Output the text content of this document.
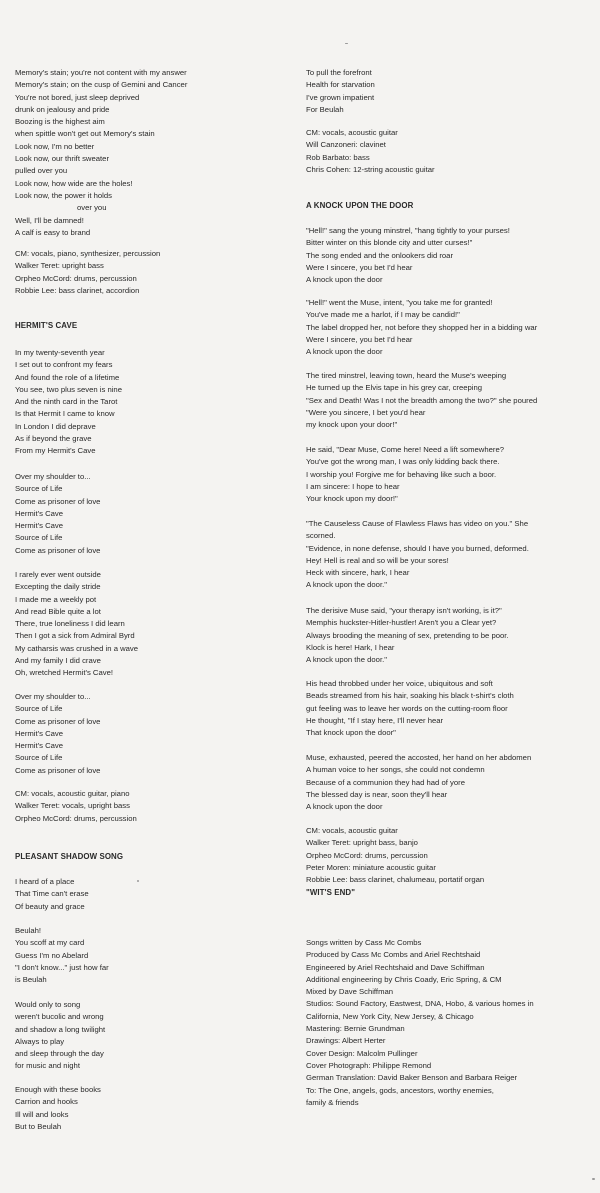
Memory's stain; you're not content with my answer
Memory's stain; on the cusp of Gemini and Cancer
You're not bored, just sleep deprived
drunk on jealousy and pride
Boozing is the highest aim
when spittle won't get out Memory's stain
Look now, I'm no better
Look now, our thrift sweater
pulled over you
Look now, how wide are the holes!
Look now, the power it holds
over you
Well, I'll be damned!
A calf is easy to brand
CM: vocals, piano, synthesizer, percussion
Walker Teret: upright bass
Orpheo McCord: drums, percussion
Robbie Lee: bass clarinet, accordion
HERMIT'S CAVE
In my twenty-seventh year
I set out to confront my fears
And found the role of a lifetime
You see, two plus seven is nine
And the ninth card in the Tarot
Is that Hermit I came to know
In London I did deprave
As if beyond the grave
From my Hermit's Cave
Over my shoulder to...
Source of Life
Come as prisoner of love
Hermit's Cave
Hermit's Cave
Source of Life
Come as prisoner of love
I rarely ever went outside
Excepting the daily stride
I made me a weekly pot
And read Bible quite a lot
There, true loneliness I did learn
Then I got a sick from Admiral Byrd
My catharsis was crushed in a wave
And my family I did crave
Oh, wretched Hermit's Cave!
Over my shoulder to...
Source of Life
Come as prisoner of love
Hermit's Cave
Hermit's Cave
Source of Life
Come as prisoner of love
CM: vocals, acoustic guitar, piano
Walker Teret: vocals, upright bass
Orpheo McCord: drums, percussion
PLEASANT SHADOW SONG
I heard of a place
That Time can't erase
Of beauty and grace
Beulah!
You scoff at my card
Guess I'm no Abelard
"I don't know..." just how far
is Beulah
Would only to song
weren't bucolic and wrong
and shadow a long twilight
Always to play
and sleep through the day
for music and night
Enough with these books
Carrion and hooks
Ill will and looks
But to Beulah
To pull the forefront
Health for starvation
I've grown impatient
For Beulah
CM: vocals, acoustic guitar
Will Canzoneri: clavinet
Rob Barbato: bass
Chris Cohen: 12-string acoustic guitar
A KNOCK UPON THE DOOR
"Hell!" sang the young minstrel, "hang tightly to your purses!
Bitter winter on this blonde city and utter curses!"
The song ended and the onlookers did roar
Were I sincere, you bet I'd hear
A knock upon the door
"Hell!" went the Muse, intent, "you take me for granted!
You've made me a harlot, if I may be candid!"
The label dropped her, not before they shopped her in a bidding war
Were I sincere, you bet I'd hear
A knock upon the door
The tired minstrel, leaving town, heard the Muse's weeping
He turned up the Elvis tape in his grey car, creeping
"Sex and Death! Was I not the breadth among the two?" she poured
"Were you sincere, I bet you'd hear
my knock upon your door!"
He said, "Dear Muse, Come here! Need a lift somewhere?
You've got the wrong man, I was only kidding back there.
I worship you! Forgive me for behaving like such a boor.
I am sincere: I hope to hear
Your knock upon my door!"
"The Causeless Cause of Flawless Flaws has video on you." She
scorned.
"Evidence, in none defense, should I have you burned, deformed.
Hey! Hell is real and so will be your sores!
Heck with sincere, hark, I hear
A knock upon the door."
The derisive Muse said, "your therapy isn't working, is it?"
Memphis huckster-Hitler-hustler! Aren't you a Clear yet?
Always brooding the meaning of sex, pretending to be poor.
Klock is here! Hark, I hear
A knock upon the door."
His head throbbed under her voice, ubiquitous and soft
Beads streamed from his hair, soaking his black t-shirt's cloth
gut feeling was to leave her words on the cutting-room floor
He thought, "If I stay here, I'll never hear
That knock upon the door"
Muse, exhausted, peered the accosted, her hand on her abdomen
A human voice to her songs, she could not condemn
Because of a communion they had had of yore
The blessed day is near, soon they'll hear
A knock upon the door
CM: vocals, acoustic guitar
Walker Teret: upright bass, banjo
Orpheo McCord: drums, percussion
Peter Moren: miniature acoustic guitar
Robbie Lee: bass clarinet, chalumeau, portatif organ
"WIT'S END"
Songs written by Cass Mc Combs
Produced by Cass Mc Combs and Ariel Rechtshaid
Engineered by Ariel Rechtshaid and Dave Schiffman
Additional engineering by Chris Coady, Eric Spring, & CM
Mixed by Dave Schiffman
Studios: Sound Factory, Eastwest, DNA, Hobo, & various homes in
California, New York City, New Jersey, & Chicago
Mastering: Bernie Grundman
Drawings: Albert Herter
Cover Design: Malcolm Pullinger
Cover Photograph: Philippe Remond
German Translation: David Baker Benson and Barbara Reiger
To: The One, angels, gods, ancestors, worthy enemies,
family & friends
